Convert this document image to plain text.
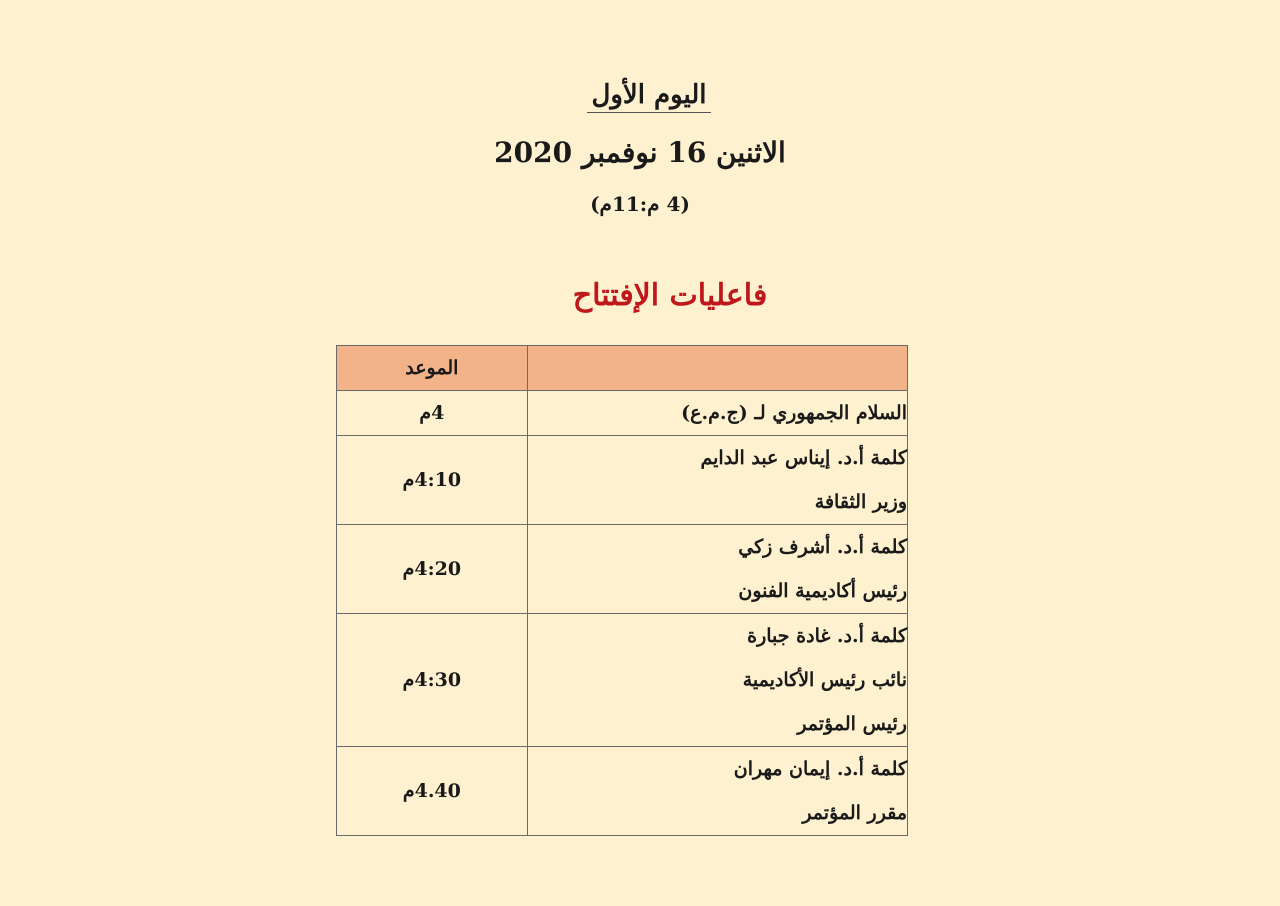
اليوم الأول
الاثنين 16 نوفمبر 2020
(4 م:11م)
فاعليات الإفتتاح
	الموعد

السلام الجمهوري لـ (ج.م.ع)	4م

كلمة أ.د. إيناس عبد الدايم
وزير الثقافة	4:10م

كلمة أ.د. أشرف زكي
رئيس أكاديمية الفنون	4:20م

كلمة أ.د. غادة جبارة
نائب رئيس الأكاديمية
رئيس المؤتمر	4:30م

كلمة أ.د. إيمان مهران
مقرر المؤتمر	4.40م
